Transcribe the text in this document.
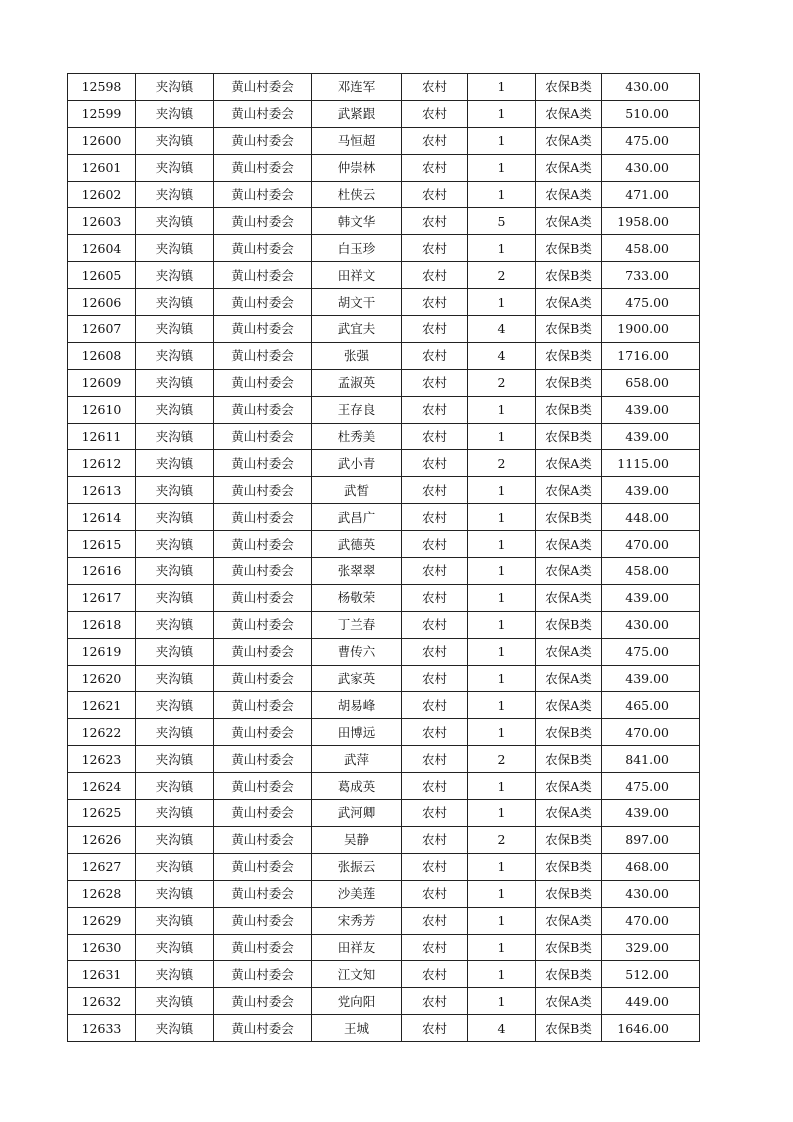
12598	夹沟镇	黄山村委会	邓连军	农村	1	农保B类	430.00
12599	夹沟镇	黄山村委会	武紧跟	农村	1	农保A类	510.00
12600	夹沟镇	黄山村委会	马恒超	农村	1	农保A类	475.00
12601	夹沟镇	黄山村委会	仲崇林	农村	1	农保A类	430.00
12602	夹沟镇	黄山村委会	杜侠云	农村	1	农保A类	471.00
12603	夹沟镇	黄山村委会	韩文华	农村	5	农保A类	1958.00
12604	夹沟镇	黄山村委会	白玉珍	农村	1	农保B类	458.00
12605	夹沟镇	黄山村委会	田祥文	农村	2	农保B类	733.00
12606	夹沟镇	黄山村委会	胡文干	农村	1	农保A类	475.00
12607	夹沟镇	黄山村委会	武宜夫	农村	4	农保B类	1900.00
12608	夹沟镇	黄山村委会	张强	农村	4	农保B类	1716.00
12609	夹沟镇	黄山村委会	孟淑英	农村	2	农保B类	658.00
12610	夹沟镇	黄山村委会	王存良	农村	1	农保B类	439.00
12611	夹沟镇	黄山村委会	杜秀美	农村	1	农保B类	439.00
12612	夹沟镇	黄山村委会	武小青	农村	2	农保A类	1115.00
12613	夹沟镇	黄山村委会	武皙	农村	1	农保A类	439.00
12614	夹沟镇	黄山村委会	武昌广	农村	1	农保B类	448.00
12615	夹沟镇	黄山村委会	武德英	农村	1	农保A类	470.00
12616	夹沟镇	黄山村委会	张翠翠	农村	1	农保A类	458.00
12617	夹沟镇	黄山村委会	杨敬荣	农村	1	农保A类	439.00
12618	夹沟镇	黄山村委会	丁兰春	农村	1	农保B类	430.00
12619	夹沟镇	黄山村委会	曹传六	农村	1	农保A类	475.00
12620	夹沟镇	黄山村委会	武家英	农村	1	农保A类	439.00
12621	夹沟镇	黄山村委会	胡易峰	农村	1	农保A类	465.00
12622	夹沟镇	黄山村委会	田博远	农村	1	农保B类	470.00
12623	夹沟镇	黄山村委会	武萍	农村	2	农保B类	841.00
12624	夹沟镇	黄山村委会	葛成英	农村	1	农保A类	475.00
12625	夹沟镇	黄山村委会	武河卿	农村	1	农保A类	439.00
12626	夹沟镇	黄山村委会	吴静	农村	2	农保B类	897.00
12627	夹沟镇	黄山村委会	张振云	农村	1	农保B类	468.00
12628	夹沟镇	黄山村委会	沙美莲	农村	1	农保B类	430.00
12629	夹沟镇	黄山村委会	宋秀芳	农村	1	农保A类	470.00
12630	夹沟镇	黄山村委会	田祥友	农村	1	农保B类	329.00
12631	夹沟镇	黄山村委会	江文知	农村	1	农保B类	512.00
12632	夹沟镇	黄山村委会	党向阳	农村	1	农保A类	449.00
12633	夹沟镇	黄山村委会	王城	农村	4	农保B类	1646.00
